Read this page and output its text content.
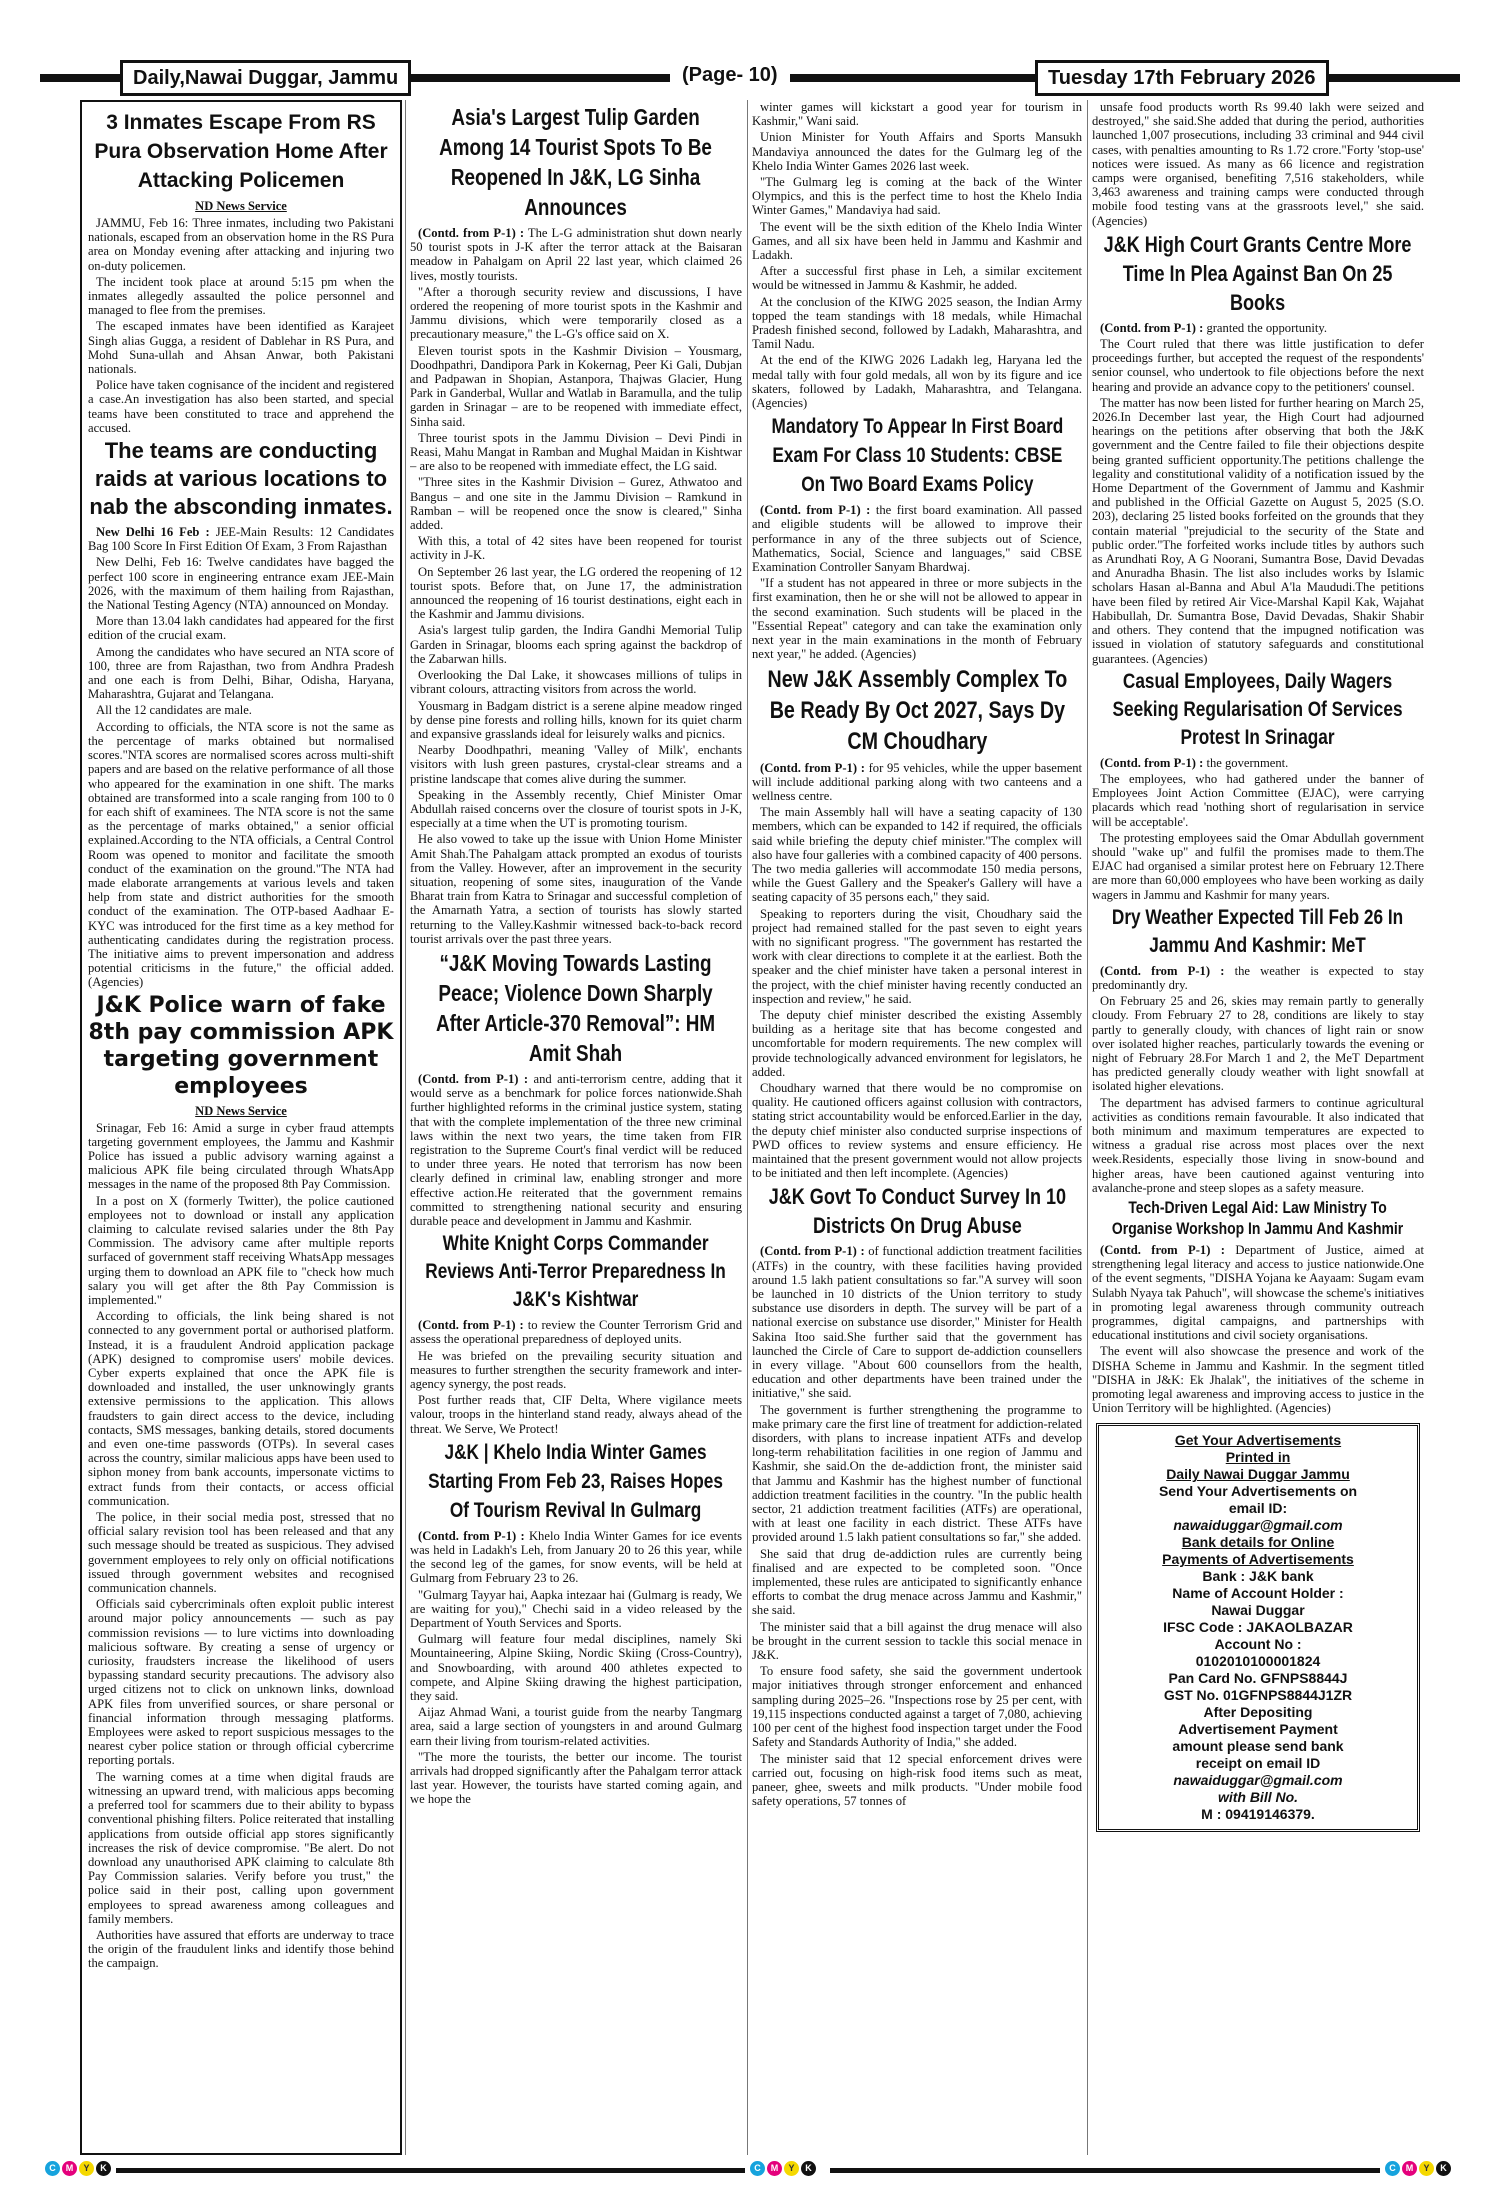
Daily,Nawai Duggar, Jammu	(Page- 10)	Tuesday 17th February 2026
3 Inmates Escape From RS Pura Observation Home After Attacking Policemen
ND News Service

JAMMU, Feb 16: Three inmates, including two Pakistani nationals, escaped from an observation home in the RS Pura area on Monday evening after attacking and injuring two on-duty policemen.

The incident took place at around 5:15 pm when the inmates allegedly assaulted the police personnel and managed to flee from the premises.

The escaped inmates have been identified as Karajeet Singh alias Gugga, a resident of Dablehar in RS Pura, and Mohd Suna-ullah and Ahsan Anwar, both Pakistani nationals.

Police have taken cognisance of the incident and registered a case.An investigation has also been started, and special teams have been constituted to trace and apprehend the accused.

The teams are conducting raids at various locations to nab the absconding inmates.

New Delhi 16 Feb : JEE-Main Results: 12 Candidates Bag 100 Score In First Edition Of Exam, 3 From Rajasthan

New Delhi, Feb 16: Twelve candidates have bagged the perfect 100 score in engineering entrance exam JEE-Main 2026, with the maximum of them hailing from Rajasthan, the National Testing Agency (NTA) announced on Monday.

More than 13.04 lakh candidates had appeared for the first edition of the crucial exam.

Among the candidates who have secured an NTA score of 100, three are from Rajasthan, two from Andhra Pradesh and one each is from Delhi, Bihar, Odisha, Haryana, Maharashtra, Gujarat and Telangana.

All the 12 candidates are male.

According to officials, the NTA score is not the same as the percentage of marks obtained but normalised scores."NTA scores are normalised scores across multi-shift papers and are based on the relative performance of all those who appeared for the examination in one shift. The marks obtained are transformed into a scale ranging from 100 to 0 for each shift of examinees. The NTA score is not the same as the percentage of marks obtained," a senior official explained.According to the NTA officials, a Central Control Room was opened to monitor and facilitate the smooth conduct of the examination on the ground."The NTA had made elaborate arrangements at various levels and taken help from state and district authorities for the smooth conduct of the examination. The OTP-based Aadhaar E-KYC was introduced for the first time as a key method for authenticating candidates during the registration process. The initiative aims to prevent impersonation and address potential criticisms in the future," the official added. (Agencies)

J&K Police warn of fake 8th pay commission APK targeting government employees
ND News Service

Srinagar, Feb 16: Amid a surge in cyber fraud attempts targeting government employees, the Jammu and Kashmir Police has issued a public advisory warning against a malicious APK file being circulated through WhatsApp messages in the name of the proposed 8th Pay Commission.

In a post on X (formerly Twitter), the police cautioned employees not to download or install any application claiming to calculate revised salaries under the 8th Pay Commission. The advisory came after multiple reports surfaced of government staff receiving WhatsApp messages urging them to download an APK file to "check how much salary you will get after the 8th Pay Commission is implemented."

According to officials, the link being shared is not connected to any government portal or authorised platform. Instead, it is a fraudulent Android application package (APK) designed to compromise users' mobile devices. Cyber experts explained that once the APK file is downloaded and installed, the user unknowingly grants extensive permissions to the application. This allows fraudsters to gain direct access to the device, including contacts, SMS messages, banking details, stored documents and even one-time passwords (OTPs). In several cases across the country, similar malicious apps have been used to siphon money from bank accounts, impersonate victims to extract funds from their contacts, or access official communication.

The police, in their social media post, stressed that no official salary revision tool has been released and that any such message should be treated as suspicious. They advised government employees to rely only on official notifications issued through government websites and recognised communication channels.

Officials said cybercriminals often exploit public interest around major policy announcements — such as pay commission revisions — to lure victims into downloading malicious software. By creating a sense of urgency or curiosity, fraudsters increase the likelihood of users bypassing standard security precautions. The advisory also urged citizens not to click on unknown links, download APK files from unverified sources, or share personal or financial information through messaging platforms. Employees were asked to report suspicious messages to the nearest cyber police station or through official cybercrime reporting portals.

The warning comes at a time when digital frauds are witnessing an upward trend, with malicious apps becoming a preferred tool for scammers due to their ability to bypass conventional phishing filters. Police reiterated that installing applications from outside official app stores significantly increases the risk of device compromise. "Be alert. Do not download any unauthorised APK claiming to calculate 8th Pay Commission salaries. Verify before you trust," the police said in their post, calling upon government employees to spread awareness among colleagues and family members.

Authorities have assured that efforts are underway to trace the origin of the fraudulent links and identify those behind the campaign.

Asia's Largest Tulip Garden Among 14 Tourist Spots To Be Reopened In J&K, LG Sinha Announces

(Contd. from P-1) : The L-G administration shut down nearly 50 tourist spots in J-K after the terror attack at the Baisaran meadow in Pahalgam on April 22 last year, which claimed 26 lives, mostly tourists.

"After a thorough security review and discussions, I have ordered the reopening of more tourist spots in the Kashmir and Jammu divisions, which were temporarily closed as a precautionary measure," the L-G's office said on X.

Eleven tourist spots in the Kashmir Division – Yousmarg, Doodhpathri, Dandipora Park in Kokernag, Peer Ki Gali, Dubjan and Padpawan in Shopian, Astanpora, Thajwas Glacier, Hung Park in Ganderbal, Wullar and Watlab in Baramulla, and the tulip garden in Srinagar – are to be reopened with immediate effect, Sinha said.

Three tourist spots in the Jammu Division – Devi Pindi in Reasi, Mahu Mangat in Ramban and Mughal Maidan in Kishtwar – are also to be reopened with immediate effect, the LG said.

"Three sites in the Kashmir Division – Gurez, Athwatoo and Bangus – and one site in the Jammu Division – Ramkund in Ramban – will be reopened once the snow is cleared," Sinha added.

With this, a total of 42 sites have been reopened for tourist activity in J-K.

On September 26 last year, the LG ordered the reopening of 12 tourist spots. Before that, on June 17, the administration announced the reopening of 16 tourist destinations, eight each in the Kashmir and Jammu divisions.

Asia's largest tulip garden, the Indira Gandhi Memorial Tulip Garden in Srinagar, blooms each spring against the backdrop of the Zabarwan hills.

Overlooking the Dal Lake, it showcases millions of tulips in vibrant colours, attracting visitors from across the world.

Yousmarg in Badgam district is a serene alpine meadow ringed by dense pine forests and rolling hills, known for its quiet charm and expansive grasslands ideal for leisurely walks and picnics.

Nearby Doodhpathri, meaning 'Valley of Milk', enchants visitors with lush green pastures, crystal-clear streams and a pristine landscape that comes alive during the summer.

Speaking in the Assembly recently, Chief Minister Omar Abdullah raised concerns over the closure of tourist spots in J-K, especially at a time when the UT is promoting tourism.

He also vowed to take up the issue with Union Home Minister Amit Shah.The Pahalgam attack prompted an exodus of tourists from the Valley. However, after an improvement in the security situation, reopening of some sites, inauguration of the Vande Bharat train from Katra to Srinagar and successful completion of the Amarnath Yatra, a section of tourists has slowly started returning to the Valley.Kashmir witnessed back-to-back record tourist arrivals over the past three years.

“J&K Moving Towards Lasting Peace; Violence Down Sharply After Article-370 Removal”: HM Amit Shah

(Contd. from P-1) : and anti-terrorism centre, adding that it would serve as a benchmark for police forces nationwide.Shah further highlighted reforms in the criminal justice system, stating that with the complete implementation of the three new criminal laws within the next two years, the time taken from FIR registration to the Supreme Court's final verdict will be reduced to under three years. He noted that terrorism has now been clearly defined in criminal law, enabling stronger and more effective action.He reiterated that the government remains committed to strengthening national security and ensuring durable peace and development in Jammu and Kashmir.

White Knight Corps Commander Reviews Anti-Terror Preparedness In J&K's Kishtwar

(Contd. from P-1) : to review the Counter Terrorism Grid and assess the operational preparedness of deployed units.

He was briefed on the prevailing security situation and measures to further strengthen the security framework and inter-agency synergy, the post reads.

Post further reads that, CIF Delta, Where vigilance meets valour, troops in the hinterland stand ready, always ahead of the threat. We Serve, We Protect!

J&K | Khelo India Winter Games Starting From Feb 23, Raises Hopes Of Tourism Revival In Gulmarg

(Contd. from P-1) : Khelo India Winter Games for ice events was held in Ladakh's Leh, from January 20 to 26 this year, while the second leg of the games, for snow events, will be held at Gulmarg from February 23 to 26.

"Gulmarg Tayyar hai, Aapka intezaar hai (Gulmarg is ready, We are waiting for you)," Chechi said in a video released by the Department of Youth Services and Sports.

Gulmarg will feature four medal disciplines, namely Ski Mountaineering, Alpine Skiing, Nordic Skiing (Cross-Country), and Snowboarding, with around 400 athletes expected to compete, and Alpine Skiing drawing the highest participation, they said.

Aijaz Ahmad Wani, a tourist guide from the nearby Tangmarg area, said a large section of youngsters in and around Gulmarg earn their living from tourism-related activities.

"The more the tourists, the better our income. The tourist arrivals had dropped significantly after the Pahalgam terror attack last year. However, the tourists have started coming again, and we hope the

winter games will kickstart a good year for tourism in Kashmir," Wani said.

Union Minister for Youth Affairs and Sports Mansukh Mandaviya announced the dates for the Gulmarg leg of the Khelo India Winter Games 2026 last week.

"The Gulmarg leg is coming at the back of the Winter Olympics, and this is the perfect time to host the Khelo India Winter Games," Mandaviya had said.

The event will be the sixth edition of the Khelo India Winter Games, and all six have been held in Jammu and Kashmir and Ladakh.

After a successful first phase in Leh, a similar excitement would be witnessed in Jammu & Kashmir, he added.

At the conclusion of the KIWG 2025 season, the Indian Army topped the team standings with 18 medals, while Himachal Pradesh finished second, followed by Ladakh, Maharashtra, and Tamil Nadu.

At the end of the KIWG 2026 Ladakh leg, Haryana led the medal tally with four gold medals, all won by its figure and ice skaters, followed by Ladakh, Maharashtra, and Telangana. (Agencies)

Mandatory To Appear In First Board Exam For Class 10 Students: CBSE On Two Board Exams Policy

(Contd. from P-1) : the first board examination. All passed and eligible students will be allowed to improve their performance in any of the three subjects out of Science, Mathematics, Social, Science and languages," said CBSE Examination Controller Sanyam Bhardwaj.

"If a student has not appeared in three or more subjects in the first examination, then he or she will not be allowed to appear in the second examination. Such students will be placed in the "Essential Repeat" category and can take the examination only next year in the main examinations in the month of February next year," he added. (Agencies)

New J&K Assembly Complex To Be Ready By Oct 2027, Says Dy CM Choudhary

(Contd. from P-1) : for 95 vehicles, while the upper basement will include additional parking along with two canteens and a wellness centre.

The main Assembly hall will have a seating capacity of 130 members, which can be expanded to 142 if required, the officials said while briefing the deputy chief minister."The complex will also have four galleries with a combined capacity of 400 persons. The two media galleries will accommodate 150 media persons, while the Guest Gallery and the Speaker's Gallery will have a seating capacity of 35 persons each," they said.

Speaking to reporters during the visit, Choudhary said the project had remained stalled for the past seven to eight years with no significant progress. "The government has restarted the work with clear directions to complete it at the earliest. Both the speaker and the chief minister have taken a personal interest in the project, with the chief minister having recently conducted an inspection and review," he said.

The deputy chief minister described the existing Assembly building as a heritage site that has become congested and uncomfortable for modern requirements. The new complex will provide technologically advanced environment for legislators, he added.

Choudhary warned that there would be no compromise on quality. He cautioned officers against collusion with contractors, stating strict accountability would be enforced.Earlier in the day, the deputy chief minister also conducted surprise inspections of PWD offices to review systems and ensure efficiency. He maintained that the present government would not allow projects to be initiated and then left incomplete. (Agencies)

J&K Govt To Conduct Survey In 10 Districts On Drug Abuse

(Contd. from P-1) : of functional addiction treatment facilities (ATFs) in the country, with these facilities having provided around 1.5 lakh patient consultations so far."A survey will soon be launched in 10 districts of the Union territory to study substance use disorders in depth. The survey will be part of a national exercise on substance use disorder," Minister for Health Sakina Itoo said.She further said that the government has launched the Circle of Care to support de-addiction counsellers in every village. "About 600 counsellors from the health, education and other departments have been trained under the initiative," she said.

The government is further strengthening the programme to make primary care the first line of treatment for addiction-related disorders, with plans to increase inpatient ATFs and develop long-term rehabilitation facilities in one region of Jammu and Kashmir, she said.On the de-addiction front, the minister said that Jammu and Kashmir has the highest number of functional addiction treatment facilities in the country. "In the public health sector, 21 addiction treatment facilities (ATFs) are operational, with at least one facility in each district. These ATFs have provided around 1.5 lakh patient consultations so far," she added.

She said that drug de-addiction rules are currently being finalised and are expected to be completed soon. "Once implemented, these rules are anticipated to significantly enhance efforts to combat the drug menace across Jammu and Kashmir," she said.

The minister said that a bill against the drug menace will also be brought in the current session to tackle this social menace in J&K.

To ensure food safety, she said the government undertook major initiatives through stronger enforcement and enhanced sampling during 2025–26. "Inspections rose by 25 per cent, with 19,115 inspections conducted against a target of 7,080, achieving 100 per cent of the highest food inspection target under the Food Safety and Standards Authority of India," she added.

The minister said that 12 special enforcement drives were carried out, focusing on high-risk food items such as meat, paneer, ghee, sweets and milk products. "Under mobile food safety operations, 57 tonnes of

unsafe food products worth Rs 99.40 lakh were seized and destroyed," she said.She added that during the period, authorities launched 1,007 prosecutions, including 33 criminal and 944 civil cases, with penalties amounting to Rs 1.72 crore."Forty 'stop-use' notices were issued. As many as 66 licence and registration camps were organised, benefiting 7,516 stakeholders, while 3,463 awareness and training camps were conducted through mobile food testing vans at the grassroots level," she said. (Agencies)

J&K High Court Grants Centre More Time In Plea Against Ban On 25 Books

(Contd. from P-1) : granted the opportunity.

The Court ruled that there was little justification to defer proceedings further, but accepted the request of the respondents' senior counsel, who undertook to file objections before the next hearing and provide an advance copy to the petitioners' counsel.

The matter has now been listed for further hearing on March 25, 2026.In December last year, the High Court had adjourned hearings on the petitions after observing that both the J&K government and the Centre failed to file their objections despite being granted sufficient opportunity.The petitions challenge the legality and constitutional validity of a notification issued by the Home Department of the Government of Jammu and Kashmir and published in the Official Gazette on August 5, 2025 (S.O. 203), declaring 25 listed books forfeited on the grounds that they contain material "prejudicial to the security of the State and public order."The forfeited works include titles by authors such as Arundhati Roy, A G Noorani, Sumantra Bose, David Devadas and Anuradha Bhasin. The list also includes works by Islamic scholars Hasan al-Banna and Abul A'la Maududi.The petitions have been filed by retired Air Vice-Marshal Kapil Kak, Wajahat Habibullah, Dr. Sumantra Bose, David Devadas, Shakir Shabir and others. They contend that the impugned notification was issued in violation of statutory safeguards and constitutional guarantees. (Agencies)

Casual Employees, Daily Wagers Seeking Regularisation Of Services Protest In Srinagar

(Contd. from P-1) : the government.

The employees, who had gathered under the banner of Employees Joint Action Committee (EJAC), were carrying placards which read 'nothing short of regularisation in service will be acceptable'.

The protesting employees said the Omar Abdullah government should "wake up" and fulfil the promises made to them.The EJAC had organised a similar protest here on February 12.There are more than 60,000 employees who have been working as daily wagers in Jammu and Kashmir for many years.

Dry Weather Expected Till Feb 26 In Jammu And Kashmir: MeT

(Contd. from P-1) : the weather is expected to stay predominantly dry.

On February 25 and 26, skies may remain partly to generally cloudy. From February 27 to 28, conditions are likely to stay partly to generally cloudy, with chances of light rain or snow over isolated higher reaches, particularly towards the evening or night of February 28.For March 1 and 2, the MeT Department has predicted generally cloudy weather with light snowfall at isolated higher elevations.

The department has advised farmers to continue agricultural activities as conditions remain favourable. It also indicated that both minimum and maximum temperatures are expected to witness a gradual rise across most places over the next week.Residents, especially those living in snow-bound and higher areas, have been cautioned against venturing into avalanche-prone and steep slopes as a safety measure.

Tech-Driven Legal Aid: Law Ministry To Organise Workshop In Jammu And Kashmir

(Contd. from P-1) : Department of Justice, aimed at strengthening legal literacy and access to justice nationwide.One of the event segments, "DISHA Yojana ke Aayaam: Sugam evam Sulabh Nyaya tak Pahuch", will showcase the scheme's initiatives in promoting legal awareness through community outreach programmes, digital campaigns, and partnerships with educational institutions and civil society organisations.

The event will also showcase the presence and work of the DISHA Scheme in Jammu and Kashmir. In the segment titled "DISHA in J&K: Ek Jhalak", the initiatives of the scheme in promoting legal awareness and improving access to justice in the Union Territory will be highlighted. (Agencies)

Get Your Advertisements
Printed in
Daily Nawai Duggar Jammu
Send Your Advertisements on
email ID:
nawaiduggar@gmail.com
Bank details for Online
Payments of Advertisements
Bank : J&K bank
Name of Account Holder :
Nawai Duggar
IFSC Code : JAKAOLBAZAR
Account No :
0102010100001824
Pan Card No. GFNPS8844J
GST No. 01GFNPS8844J1ZR
After Depositing
Advertisement Payment
amount please send bank
receipt on email ID
nawaiduggar@gmail.com
with Bill No.
M : 09419146379.
C M Y K	C M Y K	C M Y K
